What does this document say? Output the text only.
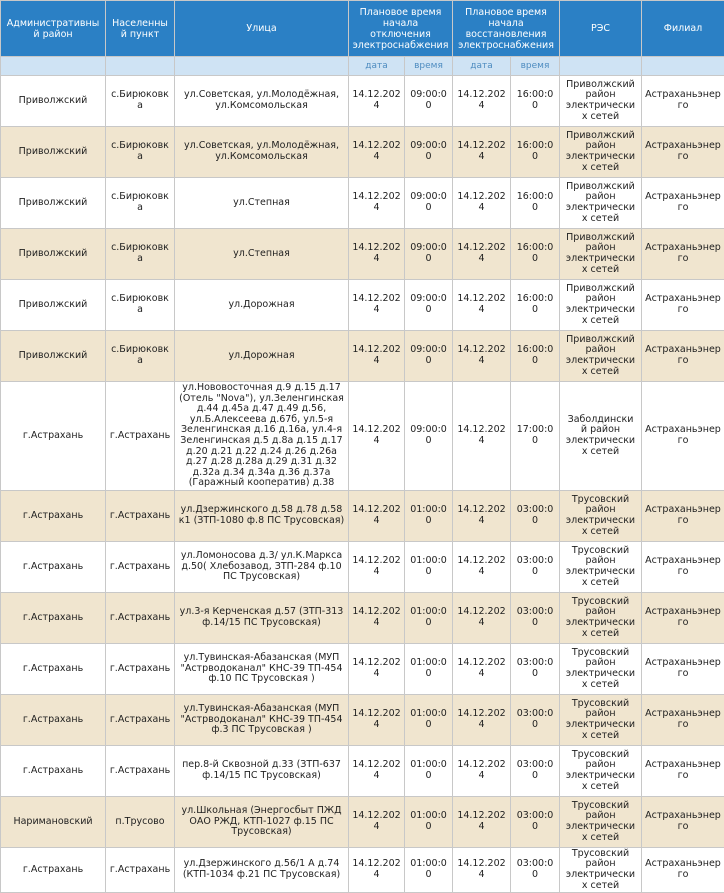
Административный район	Населенный пункт	Улица	Плановое время начала отключения электроснабжения		Плановое время начала восстановления электроснабжения		РЭС	Филиал
			дата	время	дата	время		
Приволжский	с.Бирюковка	ул.Советская, ул.Молодёжная, ул.Комсомольская	14.12.2024	09:00:00	14.12.2024	16:00:00	Приволжский район электрических сетей	Астраханьэнерго
Приволжский	с.Бирюковка	ул.Советская, ул.Молодёжная, ул.Комсомольская	14.12.2024	09:00:00	14.12.2024	16:00:00	Приволжский район электрических сетей	Астраханьэнерго
Приволжский	с.Бирюковка	ул.Степная	14.12.2024	09:00:00	14.12.2024	16:00:00	Приволжский район электрических сетей	Астраханьэнерго
Приволжский	с.Бирюковка	ул.Степная	14.12.2024	09:00:00	14.12.2024	16:00:00	Приволжский район электрических сетей	Астраханьэнерго
Приволжский	с.Бирюковка	ул.Дорожная	14.12.2024	09:00:00	14.12.2024	16:00:00	Приволжский район электрических сетей	Астраханьэнерго
Приволжский	с.Бирюковка	ул.Дорожная	14.12.2024	09:00:00	14.12.2024	16:00:00	Приволжский район электрических сетей	Астраханьэнерго
г.Астрахань	г.Астрахань	ул.Нововосточная д.9 д.15 д.17 (Отель "Nova"), ул.Зеленгинская д.44 д.45а д.47 д.49 д.56, ул.Б.Алексеева д.67б, ул.5-я Зеленгинская д.16 д.16а, ул.4-я Зеленгинская д.5 д.8а д.15 д.17 д.20 д.21 д.22 д.24 д.26 д.26а д.27 д.28 д.28а д.29 д.31 д.32 д.32а д.34 д.34а д.36 д.37а (Гаражный кооператив) д.38	14.12.2024	09:00:00	14.12.2024	17:00:00	Заболдинский район электрических сетей	Астраханьэнерго
г.Астрахань	г.Астрахань	ул.Дзержинского д.58 д.78 д.58 к1 (ЗТП-1080 ф.8 ПС Трусовская)	14.12.2024	01:00:00	14.12.2024	03:00:00	Трусовский район электрических сетей	Астраханьэнерго
г.Астрахань	г.Астрахань	ул.Ломоносова д.3/ ул.К.Маркса д.50( Хлебозавод, ЗТП-284 ф.10 ПС Трусовская)	14.12.2024	01:00:00	14.12.2024	03:00:00	Трусовский район электрических сетей	Астраханьэнерго
г.Астрахань	г.Астрахань	ул.3-я Керченская д.57 (ЗТП-313 ф.14/15 ПС Трусовская)	14.12.2024	01:00:00	14.12.2024	03:00:00	Трусовский район электрических сетей	Астраханьэнерго
г.Астрахань	г.Астрахань	ул.Тувинская-Абазанская (МУП "Астрводоканал" КНС-39 ТП-454 ф.10 ПС Трусовская )	14.12.2024	01:00:00	14.12.2024	03:00:00	Трусовский район электрических сетей	Астраханьэнерго
г.Астрахань	г.Астрахань	ул.Тувинская-Абазанская (МУП "Астрводоканал" КНС-39 ТП-454 ф.3 ПС Трусовская )	14.12.2024	01:00:00	14.12.2024	03:00:00	Трусовский район электрических сетей	Астраханьэнерго
г.Астрахань	г.Астрахань	пер.8-й Сквозной д.33 (ЗТП-637 ф.14/15 ПС Трусовская)	14.12.2024	01:00:00	14.12.2024	03:00:00	Трусовский район электрических сетей	Астраханьэнерго
Наримановский	п.Трусово	ул.Школьная (Энергосбыт ПЖД ОАО РЖД, КТП-1027 ф.15 ПС Трусовская)	14.12.2024	01:00:00	14.12.2024	03:00:00	Трусовский район электрических сетей	Астраханьэнерго
г.Астрахань	г.Астрахань	ул.Дзержинского д.56/1 А д.74 (КТП-1034 ф.21 ПС Трусовская)	14.12.2024	01:00:00	14.12.2024	03:00:00	Трусовский район электрических сетей	Астраханьэнерго
